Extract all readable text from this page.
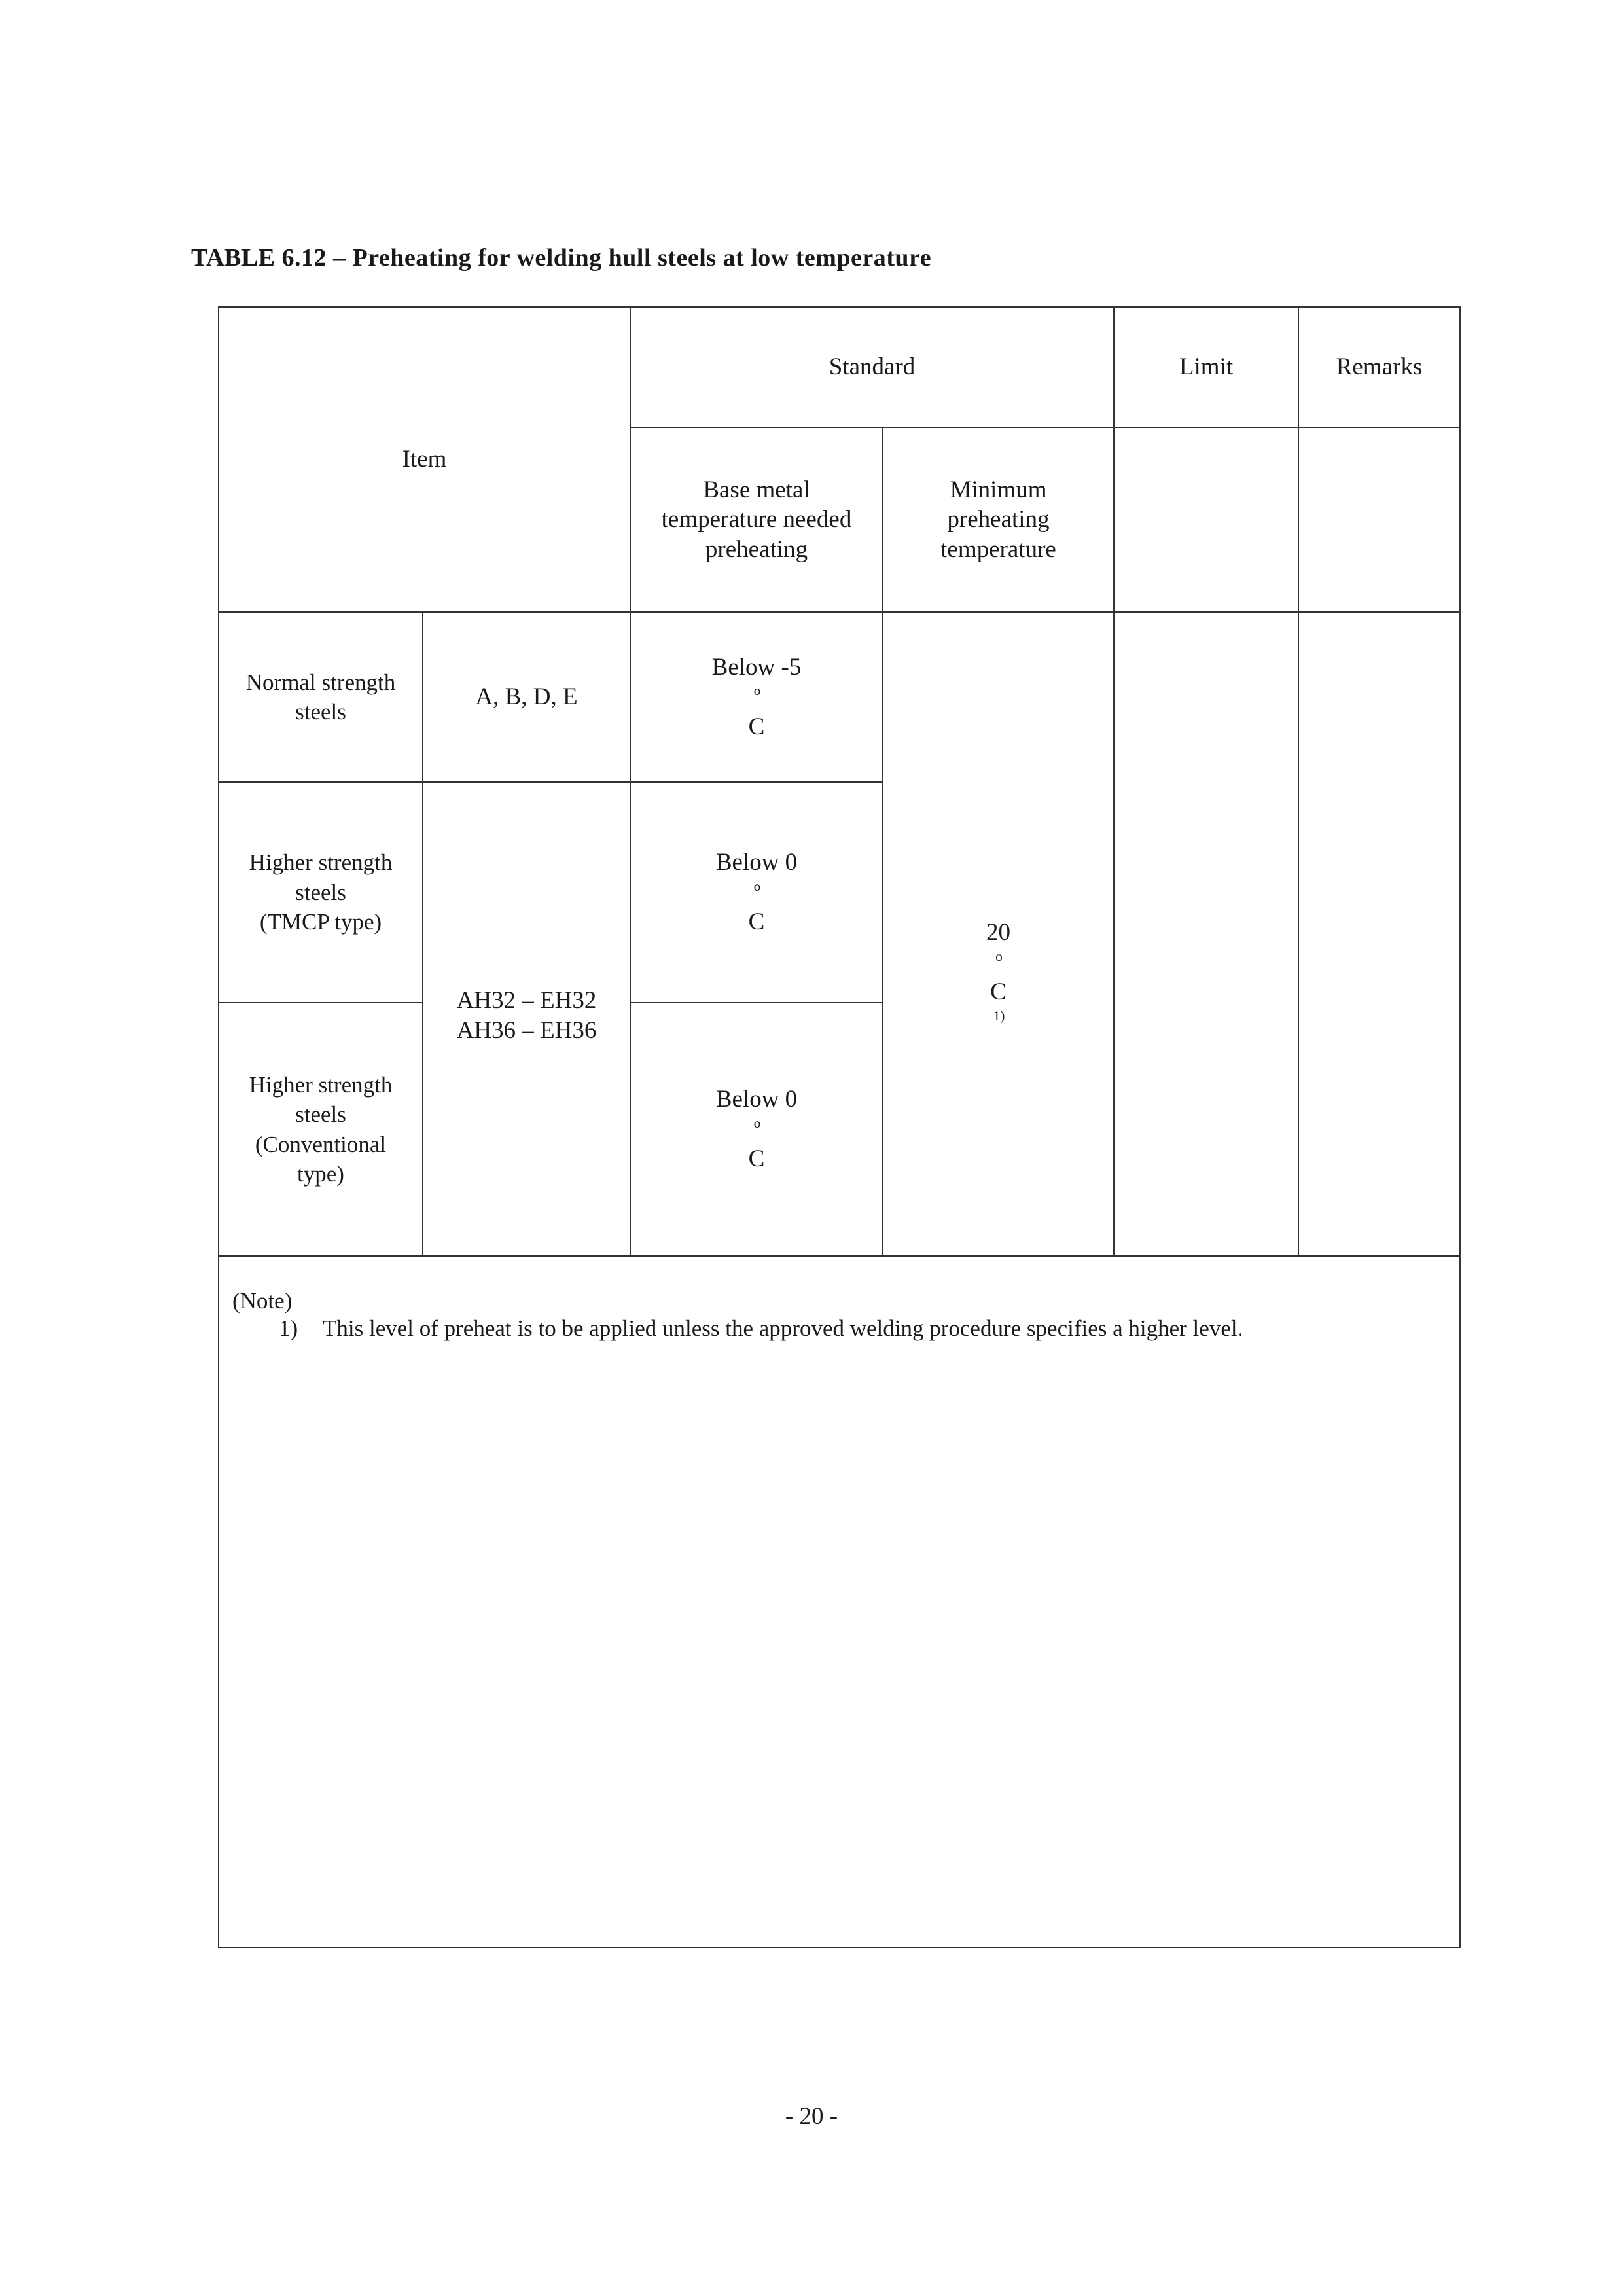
TABLE 6.12 – Preheating for welding hull steels at low temperature
Item
Standard	Limit	Remarks
Base metal
temperature needed
preheating
Minimum
preheating
temperature
Normal strength
steels
A, B, D, E
Below -5
$^o$
C
Higher strength
steels
(TMCP type)
Below 0
$^o$
C
Higher strength
steels
(Conventional
type)
Below 0
$^o$
C
AH32 – EH32
AH36 – EH36
20
$^o$
C
$^{1)}$
(Note)
1) This level of preheat is to be applied unless the approved welding procedure specifies a higher level.
- 20 -
